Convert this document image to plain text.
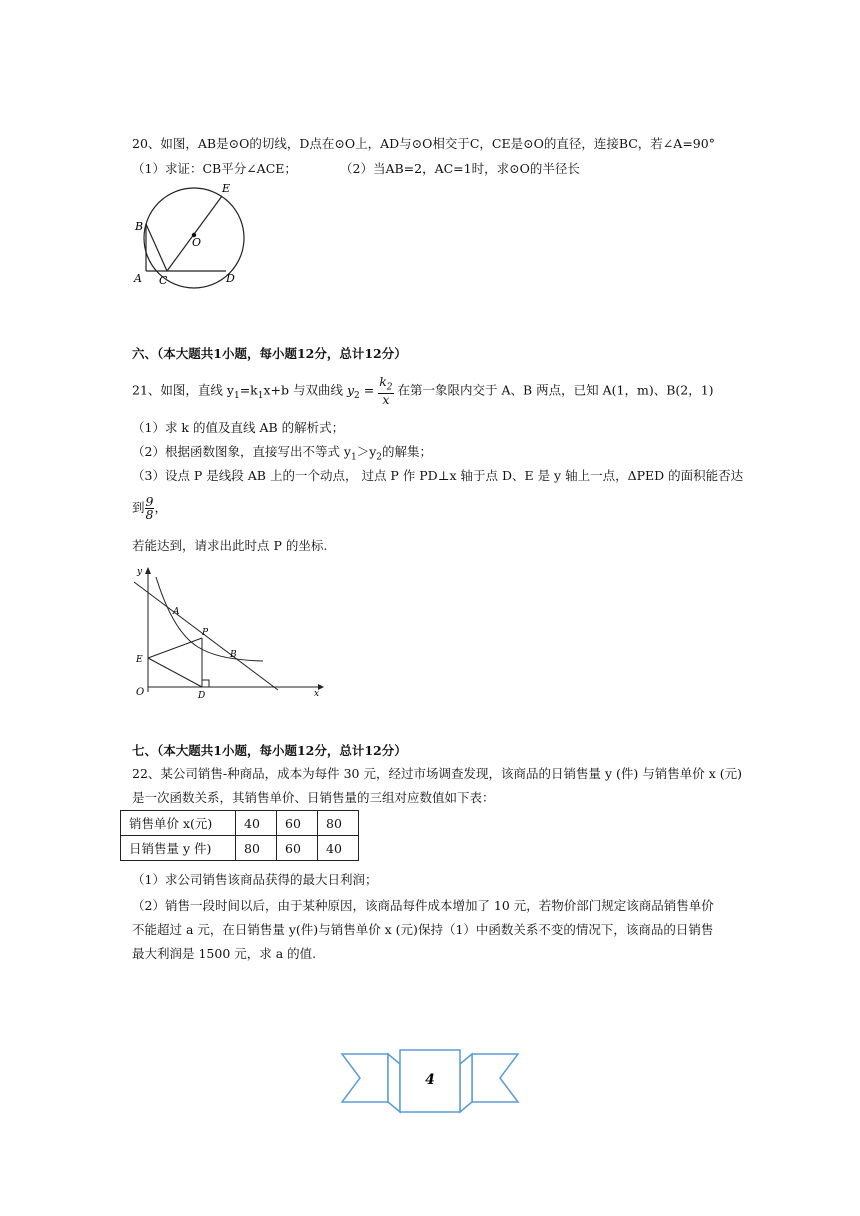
20、如图，AB是⊙O的切线，D点在⊙O上，AD与⊙O相交于C，CE是⊙O的直径，连接BC，若∠A=90°
（1）求证：CB平分∠ACE；	（2）当AB=2，AC=1时，求⊙O的半径长
A
B
C	D
E
O
六、（本大题共1小题，每小题12分，总计12分）
21、如图，直线 $y_1=k_1x+b$ 与双曲线 $y_2 = \frac{k_2}{x}$ 在第一象限内交于 A、B 两点，已知 A(1，m)、B(2，1)
（1）求 k 的值及直线 AB 的解析式；
（2）根据函数图象，直接写出不等式 $y_1>y_2$的解集；
（3）设点 P 是线段 AB 上的一个动点， 过点 P 作 PD⊥x 轴于点 D、E 是 y 轴上一点，ΔPED 的面积能否达
到 $\frac{9}{8}$ ，
若能达到，请求出此时点 P 的坐标.
y
x
O
A
B
P
E
D
七、（本大题共1小题，每小题12分，总计12分）
22、某公司销售-种商品，成本为每件 30 元，经过市场调查发现，该商品的日销售量 y (件) 与销售单价 x (元)
是一次函数关系，其销售单价、日销售量的三组对应数值如下表：
销售单价 x(元)	40	60	80
日销售量 y 件)	80	60	40
（1）求公司销售该商品获得的最大日利润；
（2）销售一段时间以后，由于某种原因，该商品每件成本增加了 10 元，若物价部门规定该商品销售单价
不能超过 a 元，在日销售量 y(件)与销售单价 x (元)保持（1）中函数关系不变的情况下，该商品的日销售
最大利润是 1500 元，求 a 的值.
4
